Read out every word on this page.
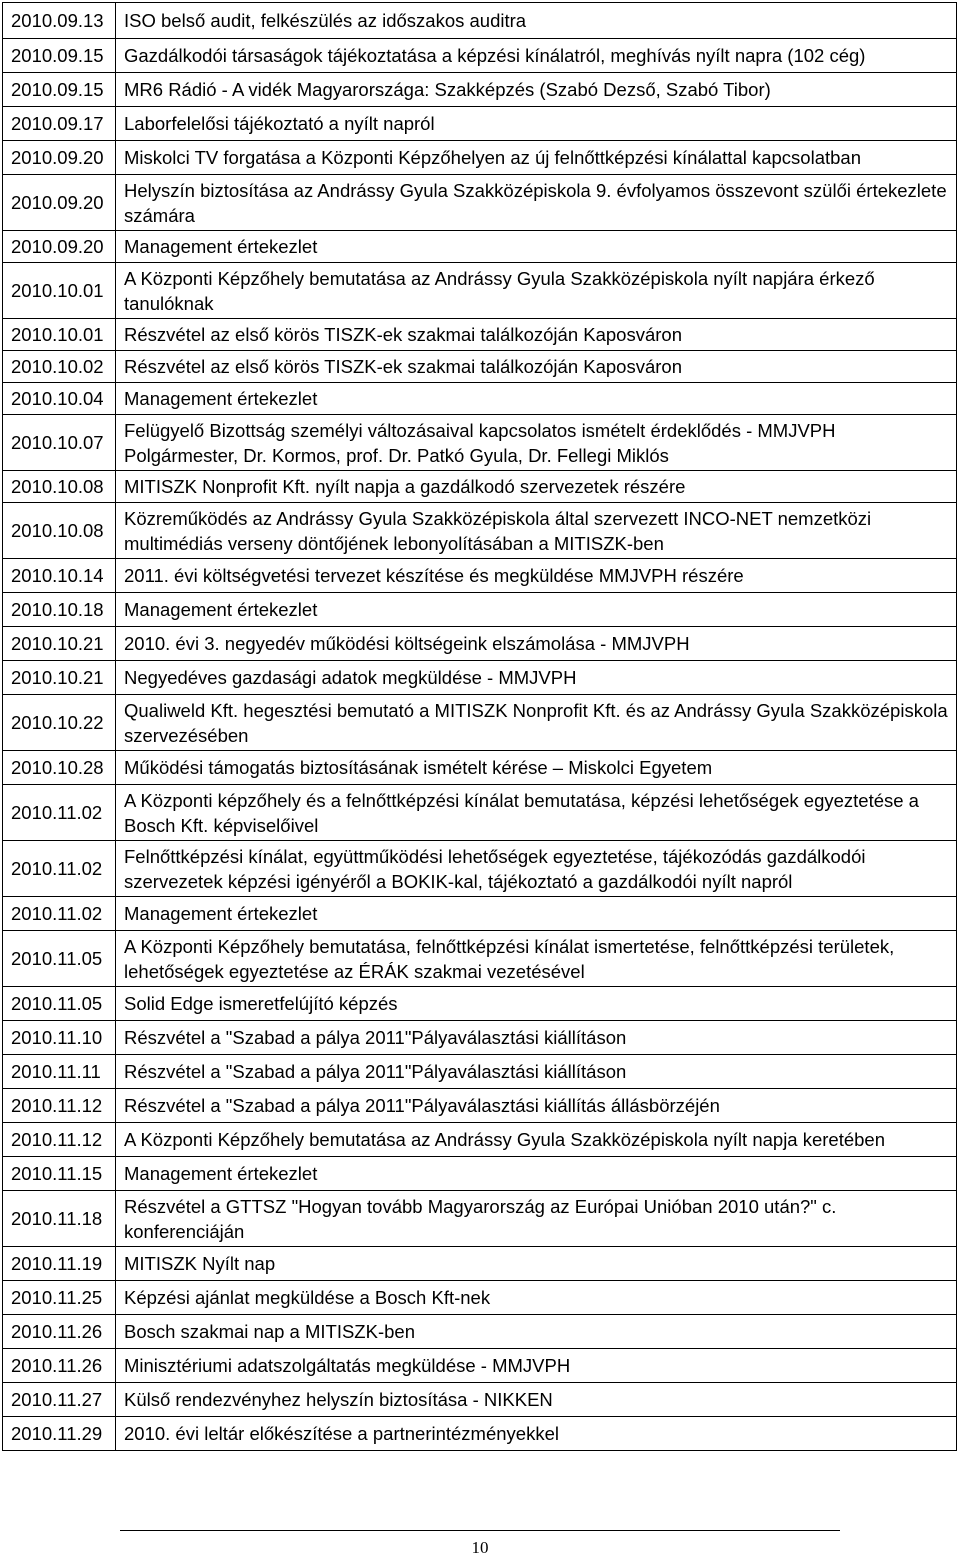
2010.09.13	ISO belső audit, felkészülés az időszakos auditra
2010.09.15	Gazdálkodói társaságok tájékoztatása a képzési kínálatról, meghívás nyílt napra (102 cég)
2010.09.15	MR6 Rádió - A vidék Magyarországa: Szakképzés (Szabó Dezső, Szabó Tibor)
2010.09.17	Laborfelelősi tájékoztató a nyílt napról
2010.09.20	Miskolci TV forgatása a Központi Képzőhelyen az új felnőttképzési kínálattal kapcsolatban
2010.09.20	Helyszín biztosítása az Andrássy Gyula Szakközépiskola 9. évfolyamos összevont szülői értekezlete számára
2010.09.20	Management értekezlet
2010.10.01	A Központi Képzőhely bemutatása az Andrássy Gyula Szakközépiskola nyílt napjára érkező tanulóknak
2010.10.01	Részvétel az első körös TISZK-ek szakmai találkozóján Kaposváron
2010.10.02	Részvétel az első körös TISZK-ek szakmai találkozóján Kaposváron
2010.10.04	Management értekezlet
2010.10.07	Felügyelő Bizottság személyi változásaival kapcsolatos ismételt érdeklődés - MMJVPH Polgármester, Dr. Kormos, prof. Dr. Patkó Gyula, Dr. Fellegi Miklós
2010.10.08	MITISZK Nonprofit Kft. nyílt napja a gazdálkodó szervezetek részére
2010.10.08	Közreműködés az Andrássy Gyula Szakközépiskola által szervezett INCO-NET nemzetközi multimédiás verseny döntőjének lebonyolításában a MITISZK-ben
2010.10.14	2011. évi költségvetési tervezet készítése és megküldése MMJVPH részére
2010.10.18	Management értekezlet
2010.10.21	2010. évi 3. negyedév működési költségeink elszámolása - MMJVPH
2010.10.21	Negyedéves gazdasági adatok megküldése - MMJVPH
2010.10.22	Qualiweld Kft. hegesztési bemutató a MITISZK Nonprofit Kft. és az Andrássy Gyula Szakközépiskola szervezésében
2010.10.28	Működési támogatás biztosításának ismételt kérése – Miskolci Egyetem
2010.11.02	A Központi képzőhely és a felnőttképzési kínálat bemutatása, képzési lehetőségek egyeztetése a Bosch Kft. képviselőivel
2010.11.02	Felnőttképzési kínálat, együttműködési lehetőségek egyeztetése, tájékozódás gazdálkodói szervezetek képzési igényéről a BOKIK-kal, tájékoztató a gazdálkodói nyílt napról
2010.11.02	Management értekezlet
2010.11.05	A Központi Képzőhely bemutatása, felnőttképzési kínálat ismertetése, felnőttképzési területek, lehetőségek egyeztetése az ÉRÁK szakmai vezetésével
2010.11.05	Solid Edge ismeretfelújító képzés
2010.11.10	Részvétel a "Szabad a pálya 2011"Pályaválasztási kiállításon
2010.11.11	Részvétel a "Szabad a pálya 2011"Pályaválasztási kiállításon
2010.11.12	Részvétel a "Szabad a pálya 2011"Pályaválasztási kiállítás állásbörzéjén
2010.11.12	A Központi Képzőhely bemutatása az Andrássy Gyula Szakközépiskola nyílt napja keretében
2010.11.15	Management értekezlet
2010.11.18	Részvétel a GTTSZ "Hogyan tovább Magyarország az Európai Unióban 2010 után?" c. konferenciáján
2010.11.19	MITISZK Nyílt nap
2010.11.25	Képzési ajánlat megküldése a Bosch Kft-nek
2010.11.26	Bosch szakmai nap a MITISZK-ben
2010.11.26	Minisztériumi adatszolgáltatás megküldése - MMJVPH
2010.11.27	Külső rendezvényhez helyszín biztosítása - NIKKEN
2010.11.29	2010. évi leltár előkészítése a partnerintézményekkel
10
